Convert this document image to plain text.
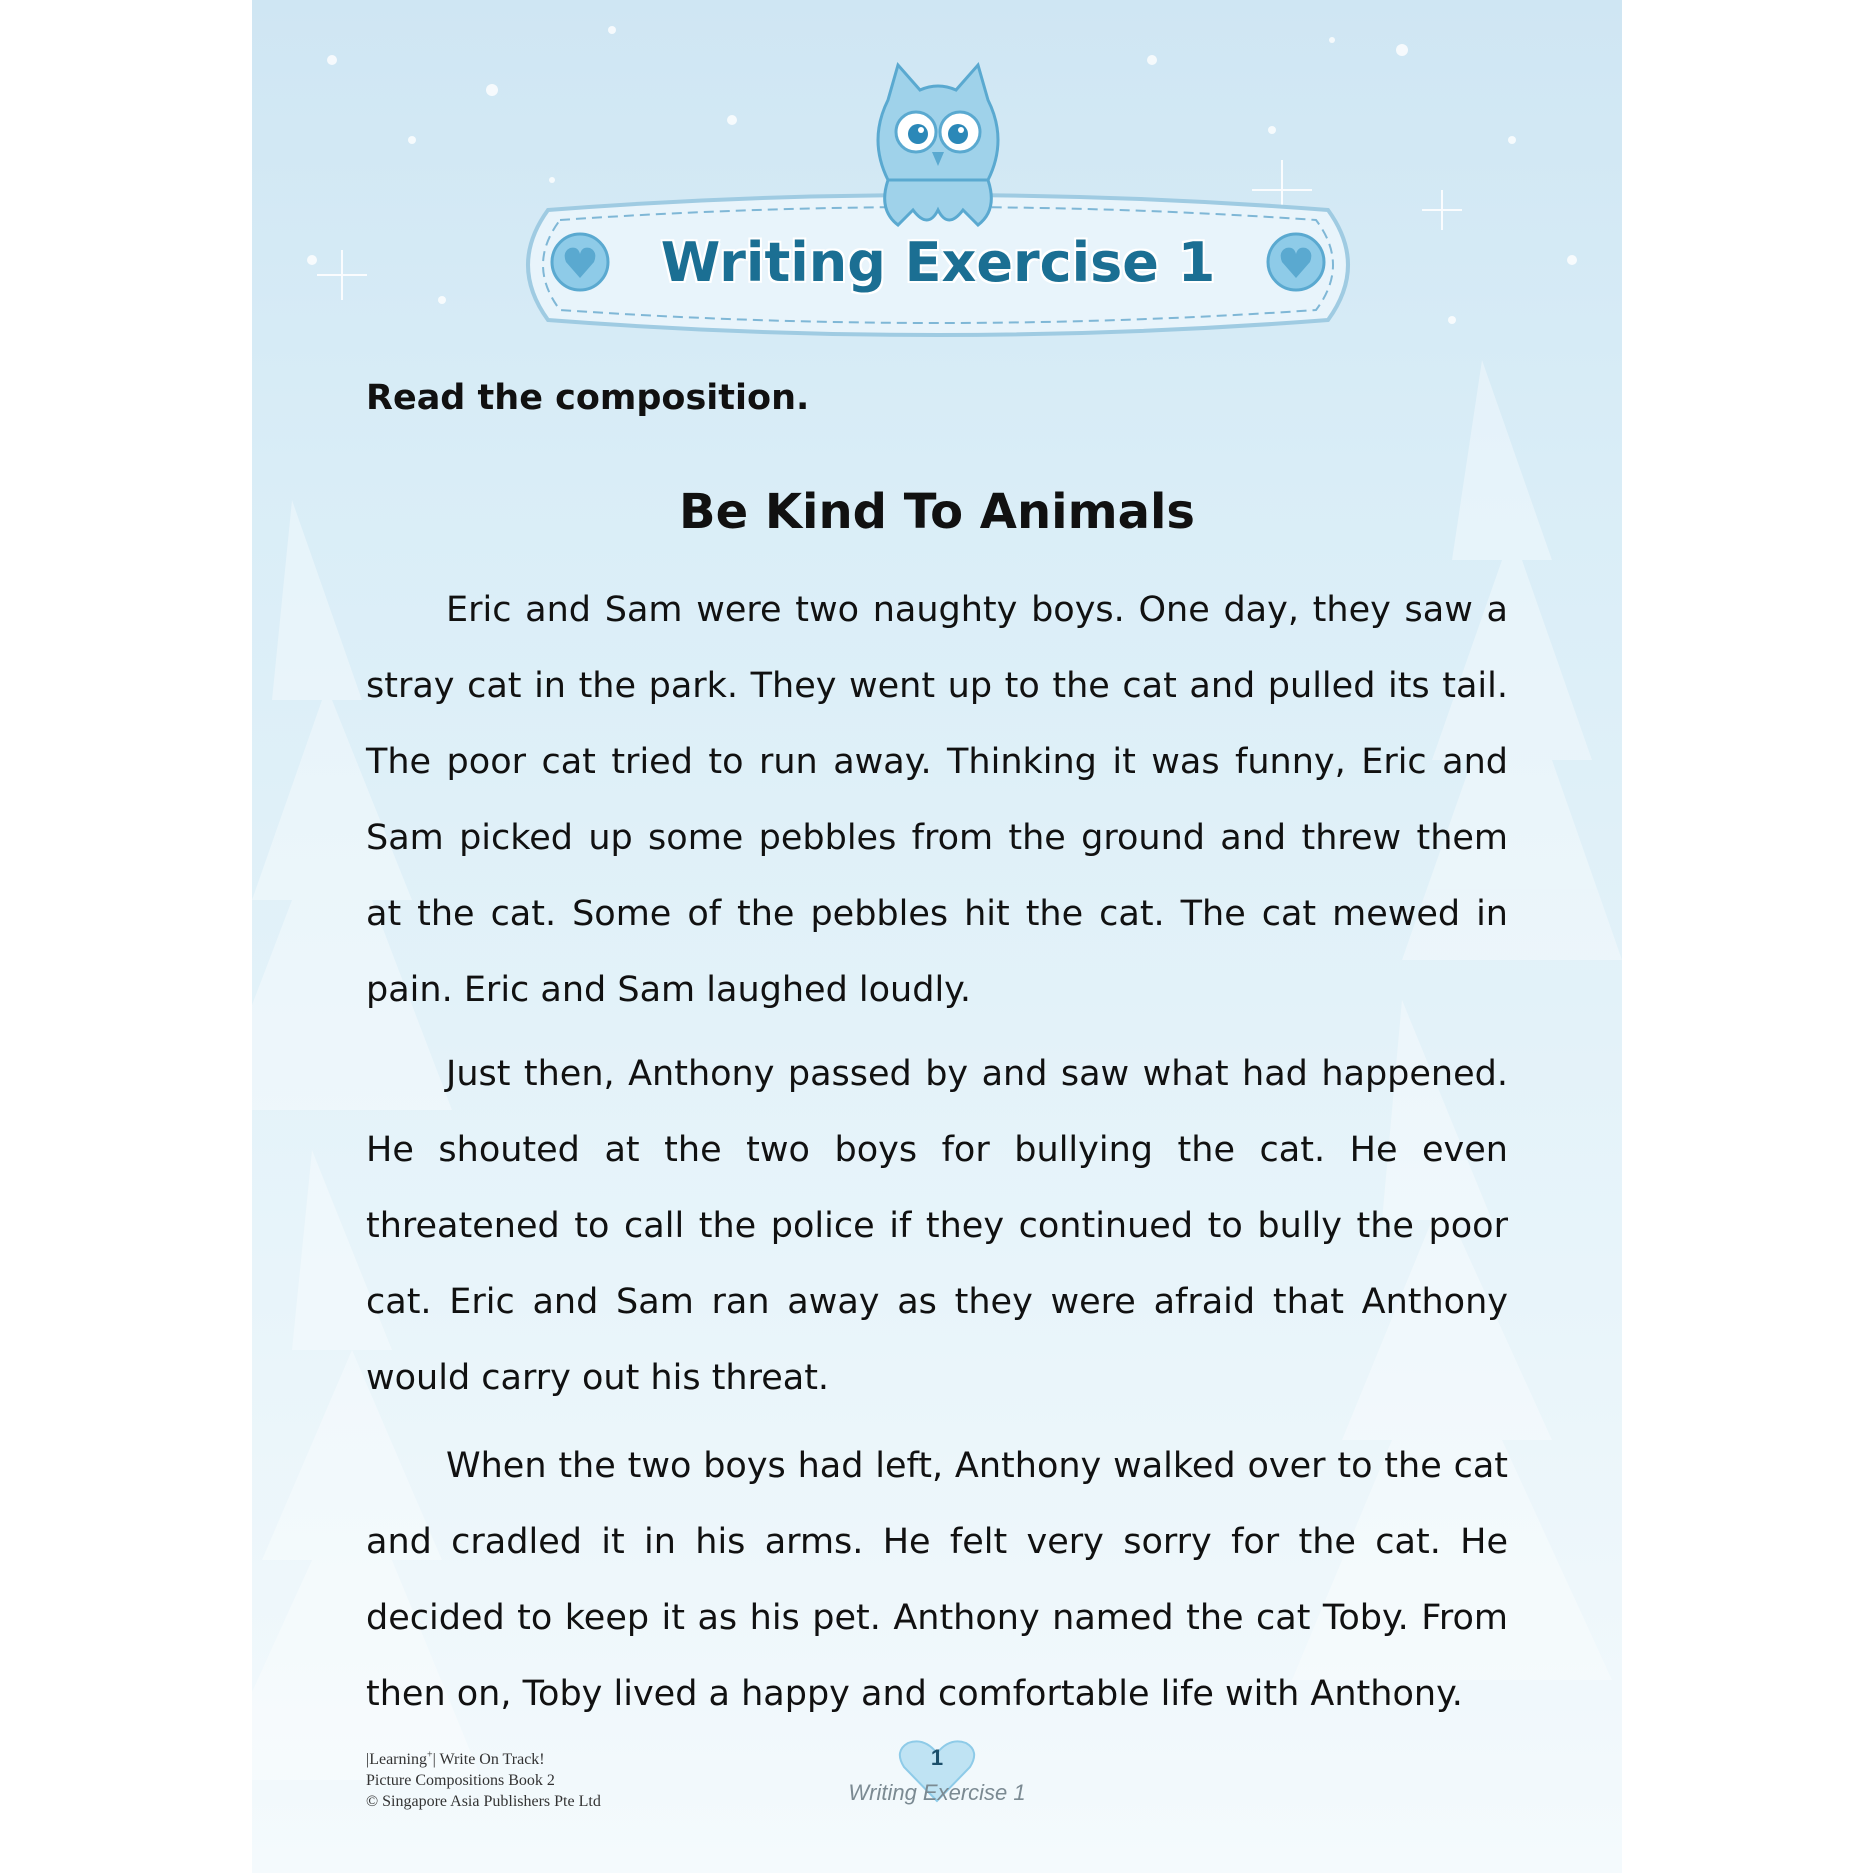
Writing Exercise 1
Read the composition.
Be Kind To Animals

Eric and Sam were two naughty boys. One day, they saw a stray cat in the park. They went up to the cat and pulled its tail. The poor cat tried to run away. Thinking it was funny, Eric and Sam picked up some pebbles from the ground and threw them at the cat. Some of the pebbles hit the cat. The cat mewed in pain. Eric and Sam laughed loudly.

Just then, Anthony passed by and saw what had happened. He shouted at the two boys for bullying the cat. He even threatened to call the police if they continued to bully the poor cat. Eric and Sam ran away as they were afraid that Anthony would carry out his threat.

When the two boys had left, Anthony walked over to the cat and cradled it in his arms. He felt very sorry for the cat. He decided to keep it as his pet. Anthony named the cat Toby. From then on, Toby lived a happy and comfortable life with Anthony.

|Learning+| Write On Track!
Picture Compositions Book 2
© Singapore Asia Publishers Pte Ltd
1
Writing Exercise 1
